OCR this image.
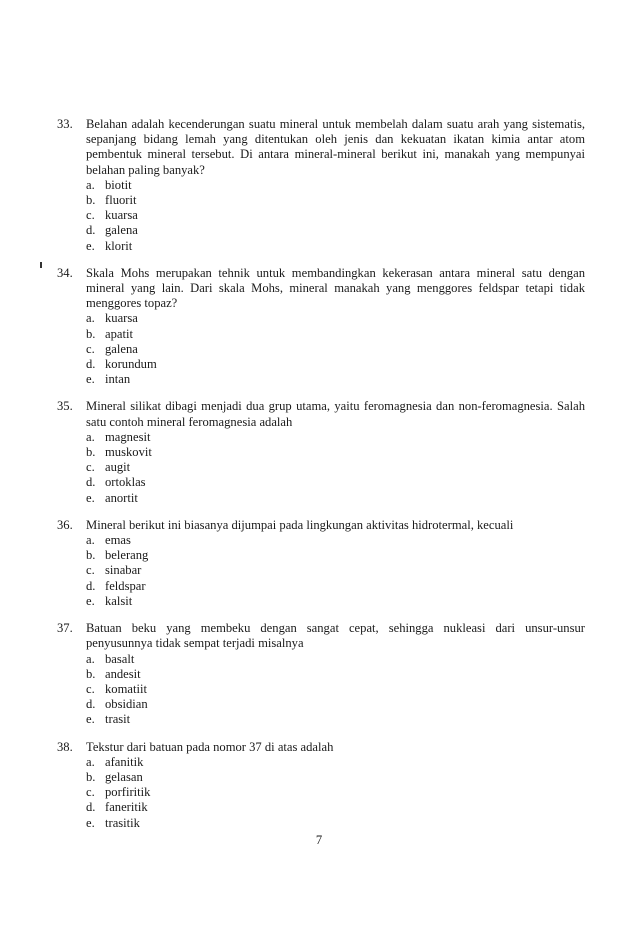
33.	Belahan adalah kecenderungan suatu mineral untuk membelah dalam suatu arah yang sistematis, sepanjang bidang lemah yang ditentukan oleh jenis dan kekuatan ikatan kimia antar atom pembentuk mineral tersebut. Di antara mineral-mineral berikut ini, manakah yang mempunyai belahan paling banyak?
a. biotit
b. fluorit
c. kuarsa
d. galena
e. klorit
34.	Skala Mohs merupakan tehnik untuk membandingkan kekerasan antara mineral satu dengan mineral yang lain. Dari skala Mohs, mineral manakah yang menggores feldspar tetapi tidak menggores topaz?
a. kuarsa
b. apatit
c. galena
d. korundum
e. intan
35.	Mineral silikat dibagi menjadi dua grup utama, yaitu feromagnesia dan non-feromagnesia. Salah satu contoh mineral feromagnesia adalah
a. magnesit
b. muskovit
c. augit
d. ortoklas
e. anortit
36.	Mineral berikut ini biasanya dijumpai pada lingkungan aktivitas hidrotermal, kecuali
a. emas
b. belerang
c. sinabar
d. feldspar
e. kalsit
37.	Batuan beku yang membeku dengan sangat cepat, sehingga nukleasi dari unsur-unsur penyusunnya tidak sempat terjadi misalnya
a. basalt
b. andesit
c. komatiit
d. obsidian
e. trasit
38.	Tekstur dari batuan pada nomor 37 di atas adalah
a. afanitik
b. gelasan
c. porfiritik
d. faneritik
e. trasitik
7
